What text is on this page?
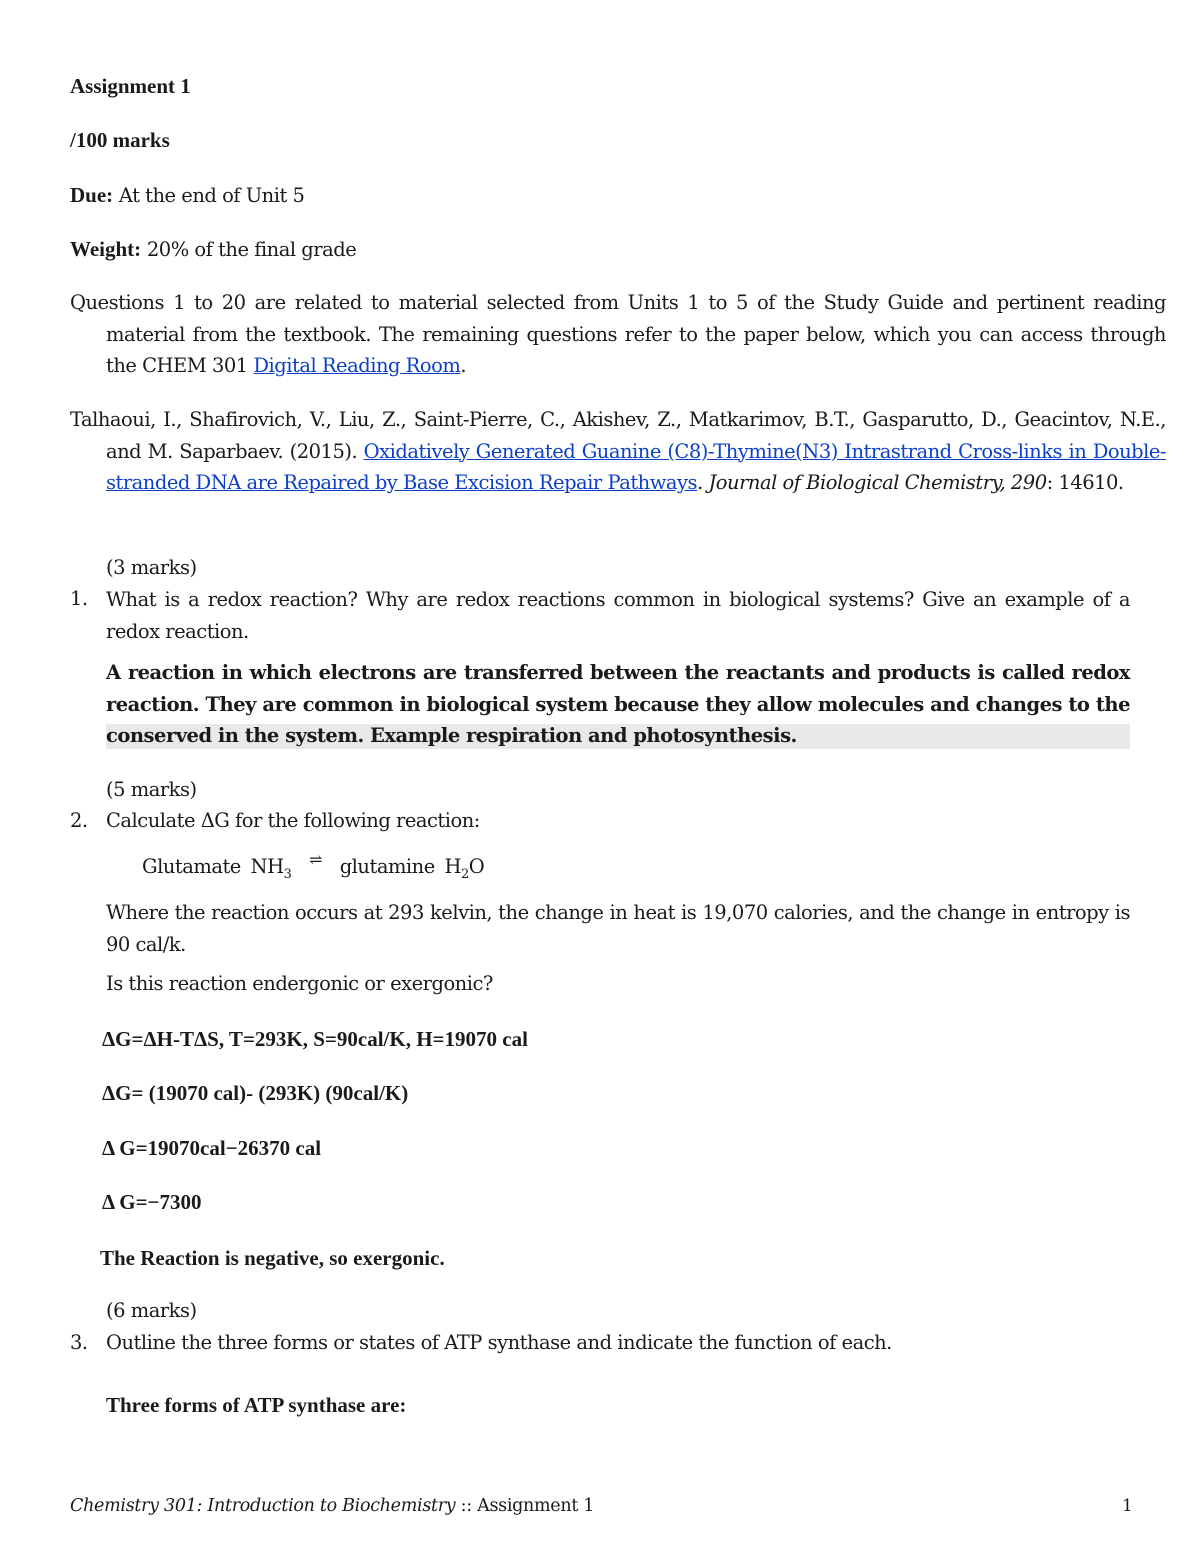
Assignment 1
/100 marks
Due: At the end of Unit 5
Weight: 20% of the final grade
Questions 1 to 20 are related to material selected from Units 1 to 5 of the Study Guide and pertinent reading material from the textbook. The remaining questions refer to the paper below, which you can access through the CHEM 301 Digital Reading Room.
Talhaoui, I., Shafirovich, V., Liu, Z., Saint-Pierre, C., Akishev, Z., Matkarimov, B.T., Gasparutto, D., Geacintov, N.E., and M. Saparbaev. (2015). Oxidatively Generated Guanine (C8)-Thymine(N3) Intrastrand Cross-links in Double-stranded DNA are Repaired by Base Excision Repair Pathways. Journal of Biological Chemistry, 290: 14610.
(3 marks)
1. What is a redox reaction? Why are redox reactions common in biological systems? Give an example of a redox reaction.
A reaction in which electrons are transferred between the reactants and products is called redox reaction. They are common in biological system because they allow molecules and changes to the conserved in the system. Example respiration and photosynthesis.
(5 marks)
2. Calculate ΔG for the following reaction:
Glutamate $NH_3$ ⇌ glutamine $H_2O$
Where the reaction occurs at 293 kelvin, the change in heat is 19,070 calories, and the change in entropy is 90 cal/k.
Is this reaction endergonic or exergonic?
ΔG=ΔH-TΔS, T=293K, S=90cal/K, H=19070 cal
ΔG= (19070 cal)- (293K) (90cal/K)
Δ G=19070cal−26370 cal
Δ G=−7300
The Reaction is negative, so exergonic.
(6 marks)
3. Outline the three forms or states of ATP synthase and indicate the function of each.
Three forms of ATP synthase are:
Chemistry 301: Introduction to Biochemistry :: Assignment 1	1
